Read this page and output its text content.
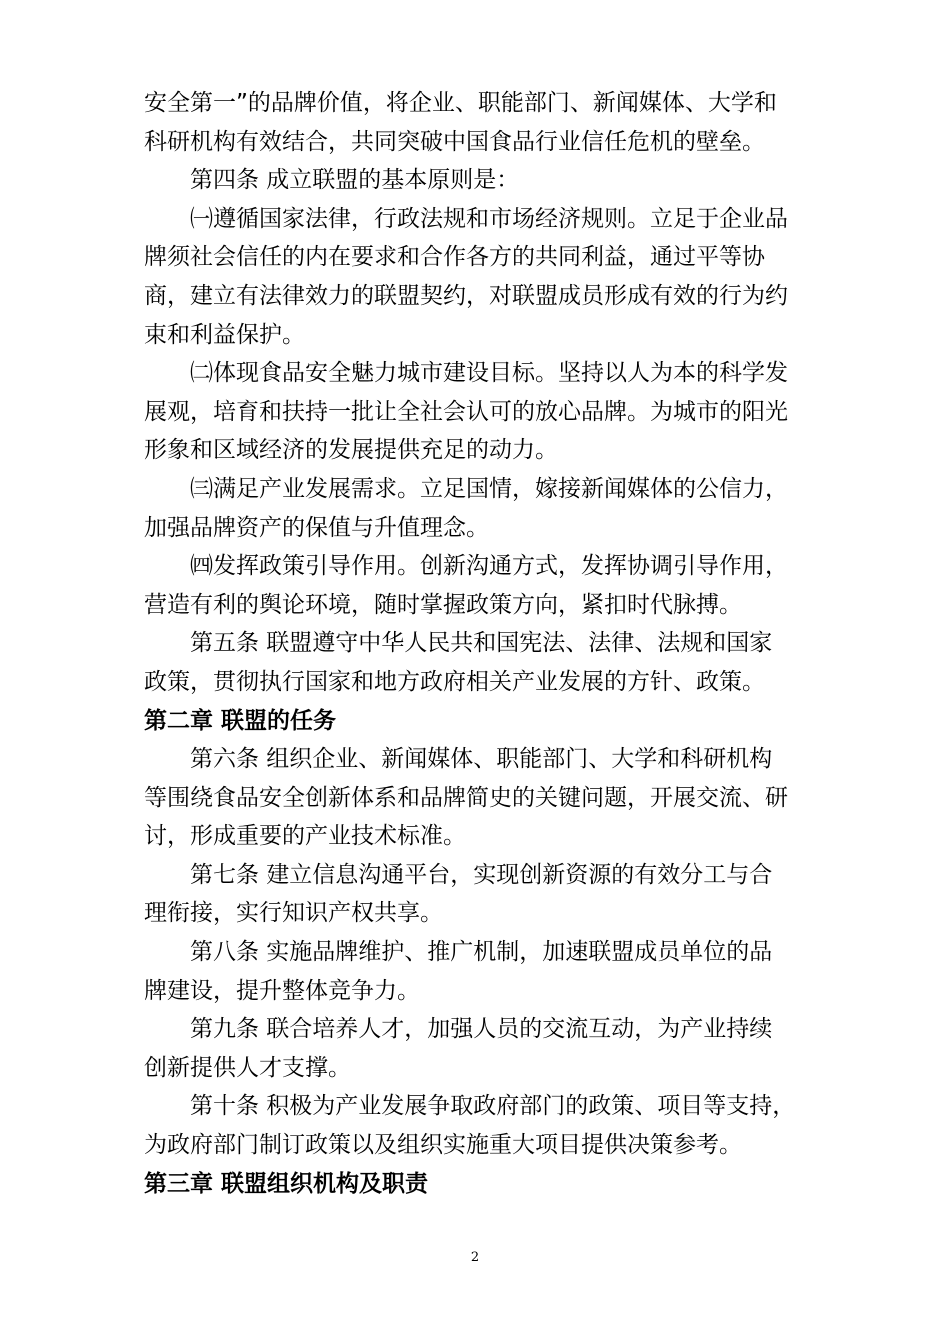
安全第一”的品牌价值，将企业、职能部门、新闻媒体、大学和
科研机构有效结合，共同突破中国食品行业信任危机的壁垒。
第四条 成立联盟的基本原则是：
㈠遵循国家法律，行政法规和市场经济规则。立足于企业品
牌须社会信任的内在要求和合作各方的共同利益，通过平等协
商，建立有法律效力的联盟契约，对联盟成员形成有效的行为约
束和利益保护。
㈡体现食品安全魅力城市建设目标。坚持以人为本的科学发
展观，培育和扶持一批让全社会认可的放心品牌。为城市的阳光
形象和区域经济的发展提供充足的动力。
㈢满足产业发展需求。立足国情，嫁接新闻媒体的公信力，
加强品牌资产的保值与升值理念。
㈣发挥政策引导作用。创新沟通方式，发挥协调引导作用，
营造有利的舆论环境，随时掌握政策方向，紧扣时代脉搏。
第五条 联盟遵守中华人民共和国宪法、法律、法规和国家
政策，贯彻执行国家和地方政府相关产业发展的方针、政策。
第二章 联盟的任务
第六条 组织企业、新闻媒体、职能部门、大学和科研机构
等围绕食品安全创新体系和品牌简史的关键问题，开展交流、研
讨，形成重要的产业技术标准。
第七条 建立信息沟通平台，实现创新资源的有效分工与合
理衔接，实行知识产权共享。
第八条 实施品牌维护、推广机制，加速联盟成员单位的品
牌建设，提升整体竞争力。
第九条 联合培养人才，加强人员的交流互动，为产业持续
创新提供人才支撑。
第十条 积极为产业发展争取政府部门的政策、项目等支持，
为政府部门制订政策以及组织实施重大项目提供决策参考。
第三章 联盟组织机构及职责
2
